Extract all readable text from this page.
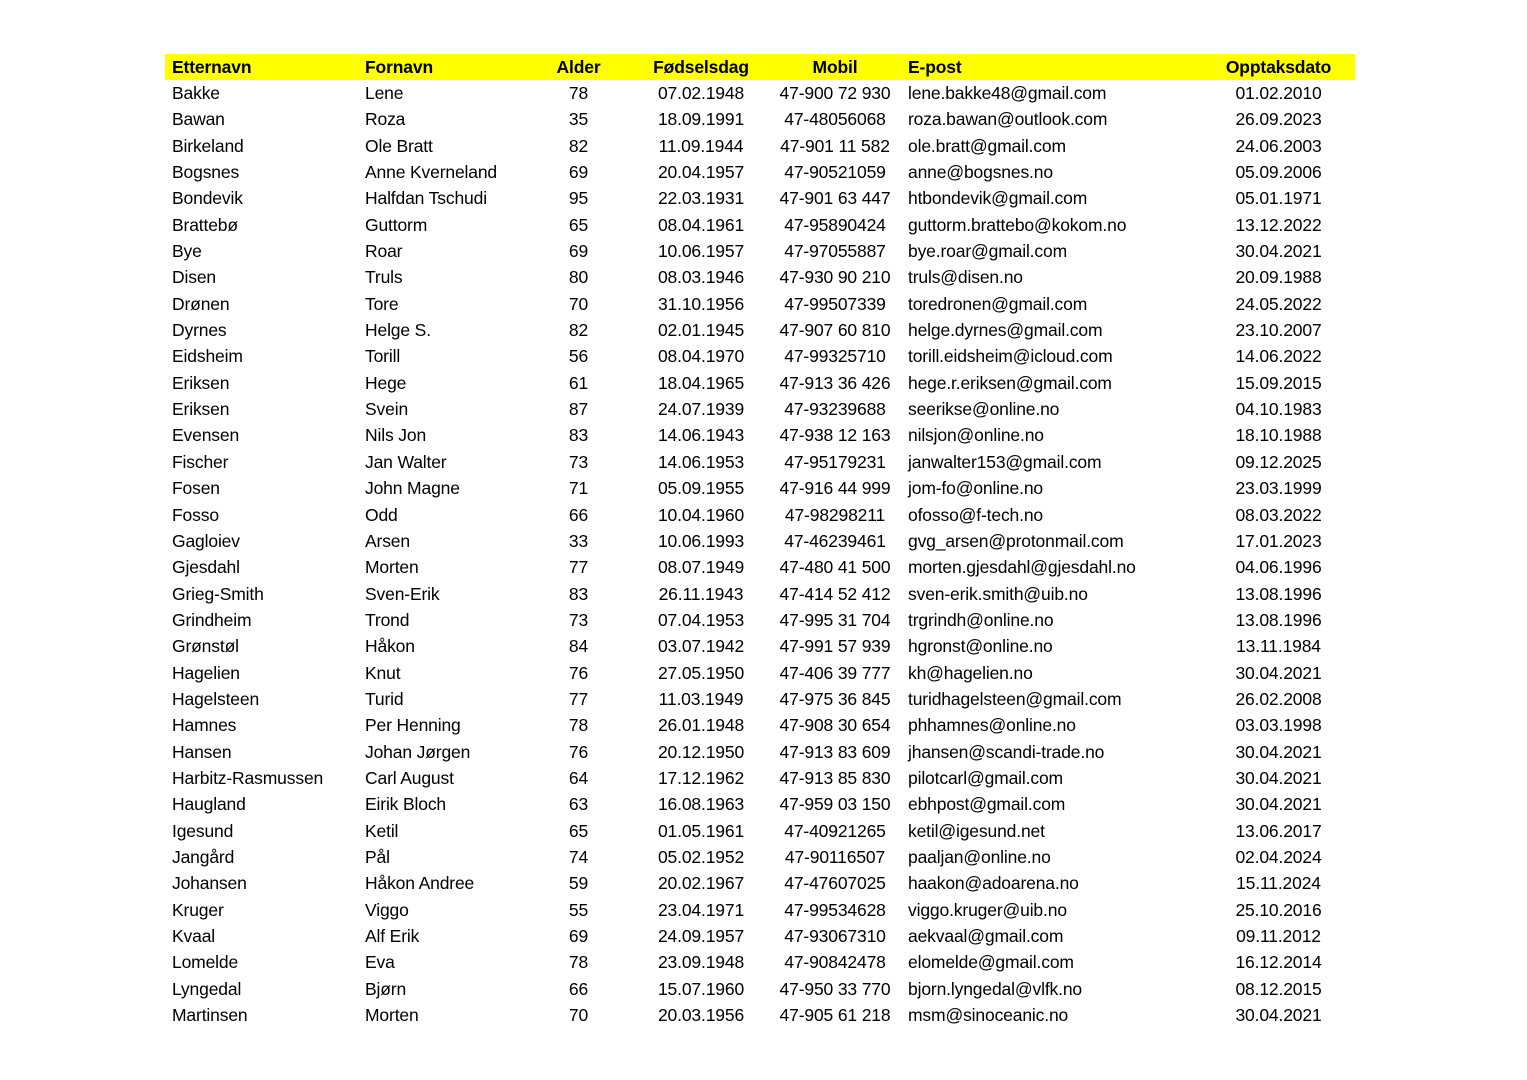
Etternavn	Fornavn	Alder	Fødselsdag	Mobil	E-post	Opptaksdato
Bakke	Lene	78	07.02.1948	47-900 72 930	lene.bakke48@gmail.com	01.02.2010
Bawan	Roza	35	18.09.1991	47-48056068	roza.bawan@outlook.com	26.09.2023
Birkeland	Ole Bratt	82	11.09.1944	47-901 11 582	ole.bratt@gmail.com	24.06.2003
Bogsnes	Anne Kverneland	69	20.04.1957	47-90521059	anne@bogsnes.no	05.09.2006
Bondevik	Halfdan Tschudi	95	22.03.1931	47-901 63 447	htbondevik@gmail.com	05.01.1971
Brattebø	Guttorm	65	08.04.1961	47-95890424	guttorm.brattebo@kokom.no	13.12.2022
Bye	Roar	69	10.06.1957	47-97055887	bye.roar@gmail.com	30.04.2021
Disen	Truls	80	08.03.1946	47-930 90 210	truls@disen.no	20.09.1988
Drønen	Tore	70	31.10.1956	47-99507339	toredronen@gmail.com	24.05.2022
Dyrnes	Helge S.	82	02.01.1945	47-907 60 810	helge.dyrnes@gmail.com	23.10.2007
Eidsheim	Torill	56	08.04.1970	47-99325710	torill.eidsheim@icloud.com	14.06.2022
Eriksen	Hege	61	18.04.1965	47-913 36 426	hege.r.eriksen@gmail.com	15.09.2015
Eriksen	Svein	87	24.07.1939	47-93239688	seerikse@online.no	04.10.1983
Evensen	Nils Jon	83	14.06.1943	47-938 12 163	nilsjon@online.no	18.10.1988
Fischer	Jan Walter	73	14.06.1953	47-95179231	janwalter153@gmail.com	09.12.2025
Fosen	John Magne	71	05.09.1955	47-916 44 999	jom-fo@online.no	23.03.1999
Fosso	Odd	66	10.04.1960	47-98298211	ofosso@f-tech.no	08.03.2022
Gagloiev	Arsen	33	10.06.1993	47-46239461	gvg_arsen@protonmail.com	17.01.2023
Gjesdahl	Morten	77	08.07.1949	47-480 41 500	morten.gjesdahl@gjesdahl.no	04.06.1996
Grieg-Smith	Sven-Erik	83	26.11.1943	47-414 52 412	sven-erik.smith@uib.no	13.08.1996
Grindheim	Trond	73	07.04.1953	47-995 31 704	trgrindh@online.no	13.08.1996
Grønstøl	Håkon	84	03.07.1942	47-991 57 939	hgronst@online.no	13.11.1984
Hagelien	Knut	76	27.05.1950	47-406 39 777	kh@hagelien.no	30.04.2021
Hagelsteen	Turid	77	11.03.1949	47-975 36 845	turidhagelsteen@gmail.com	26.02.2008
Hamnes	Per Henning	78	26.01.1948	47-908 30 654	phhamnes@online.no	03.03.1998
Hansen	Johan Jørgen	76	20.12.1950	47-913 83 609	jhansen@scandi-trade.no	30.04.2021
Harbitz-Rasmussen	Carl August	64	17.12.1962	47-913 85 830	pilotcarl@gmail.com	30.04.2021
Haugland	Eirik Bloch	63	16.08.1963	47-959 03 150	ebhpost@gmail.com	30.04.2021
Igesund	Ketil	65	01.05.1961	47-40921265	ketil@igesund.net	13.06.2017
Jangård	Pål	74	05.02.1952	47-90116507	paaljan@online.no	02.04.2024
Johansen	Håkon Andree	59	20.02.1967	47-47607025	haakon@adoarena.no	15.11.2024
Kruger	Viggo	55	23.04.1971	47-99534628	viggo.kruger@uib.no	25.10.2016
Kvaal	Alf Erik	69	24.09.1957	47-93067310	aekvaal@gmail.com	09.11.2012
Lomelde	Eva	78	23.09.1948	47-90842478	elomelde@gmail.com	16.12.2014
Lyngedal	Bjørn	66	15.07.1960	47-950 33 770	bjorn.lyngedal@vlfk.no	08.12.2015
Martinsen	Morten	70	20.03.1956	47-905 61 218	msm@sinoceanic.no	30.04.2021
